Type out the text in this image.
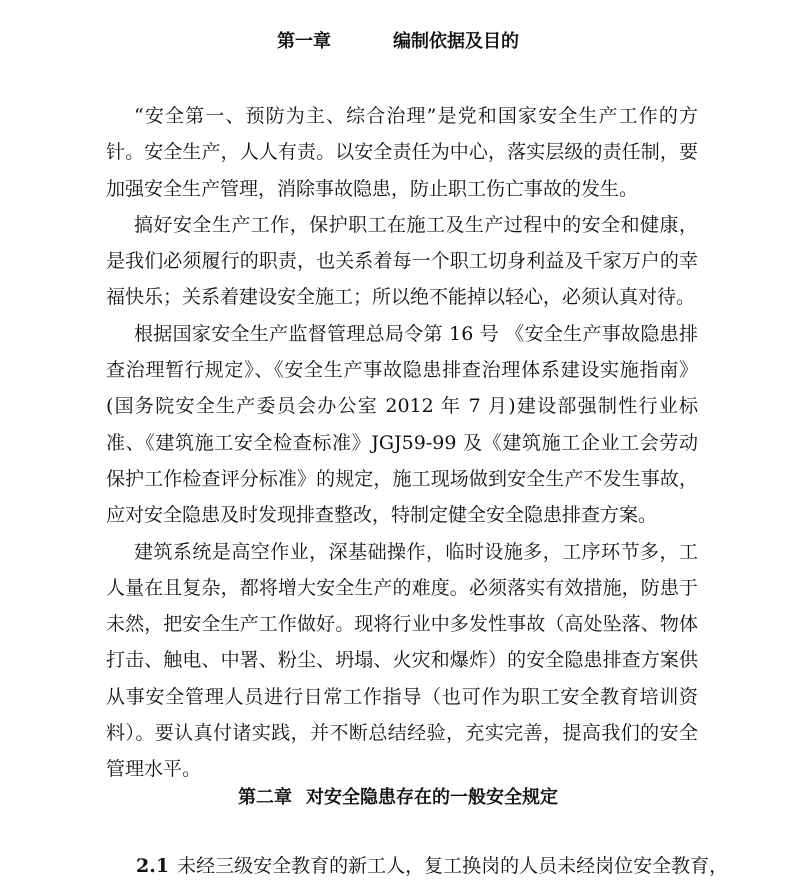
第一章	编制依据及目的

“安全第一、预防为主、综合治理”是党和国家安全生产工作的方针。安全生产，人人有责。以安全责任为中心，落实层级的责任制，要加强安全生产管理，消除事故隐患，防止职工伤亡事故的发生。

搞好安全生产工作，保护职工在施工及生产过程中的安全和健康，是我们必须履行的职责，也关系着每一个职工切身利益及千家万户的幸福快乐；关系着建设安全施工；所以绝不能掉以轻心，必须认真对待。

根据国家安全生产监督管理总局令第 16 号 《安全生产事故隐患排查治理暂行规定》、《安全生产事故隐患排查治理体系建设实施指南》(国务院安全生产委员会办公室 2012 年 7 月)建设部强制性行业标准、《建筑施工安全检查标准》JGJ59-99 及《建筑施工企业工会劳动保护工作检查评分标准》的规定，施工现场做到安全生产不发生事故，应对安全隐患及时发现排查整改，特制定健全安全隐患排查方案。

建筑系统是高空作业，深基础操作，临时设施多，工序环节多，工人量在且复杂，都将增大安全生产的难度。必须落实有效措施，防患于未然，把安全生产工作做好。现将行业中多发性事故（高处坠落、物体打击、触电、中署、粉尘、坍塌、火灾和爆炸）的安全隐患排查方案供从事安全管理人员进行日常工作指导（也可作为职工安全教育培训资料）。要认真付诸实践，并不断总结经验，充实完善，提高我们的安全管理水平。

第二章 对安全隐患存在的一般安全规定
2.1 未经三级安全教育的新工人，复工换岗的人员未经岗位安全教育，
